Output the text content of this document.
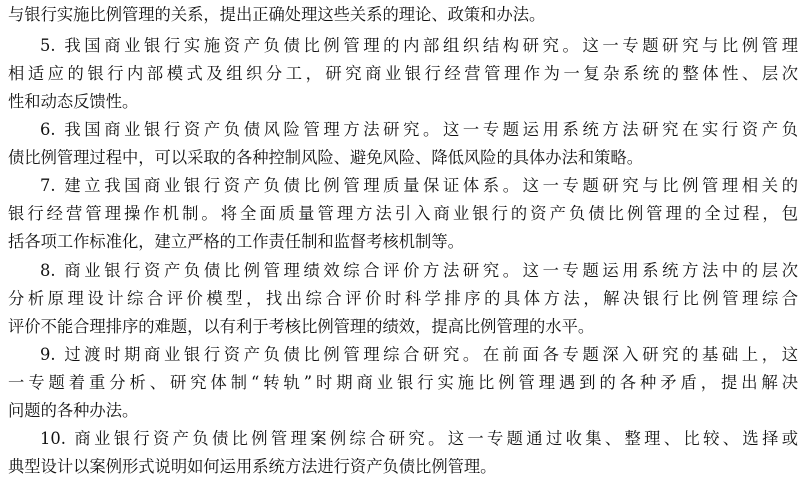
与银行实施比例管理的关系，提出正确处理这些关系的理论、政策和办法。
5. 我国商业银行实施资产负债比例管理的内部组织结构研究。这一专题研究与比例管理
相适应的银行内部模式及组织分工，研究商业银行经营管理作为一复杂系统的整体性、层次
性和动态反馈性。
6. 我国商业银行资产负债风险管理方法研究。这一专题运用系统方法研究在实行资产负
债比例管理过程中，可以采取的各种控制风险、避免风险、降低风险的具体办法和策略。
7. 建立我国商业银行资产负债比例管理质量保证体系。这一专题研究与比例管理相关的
银行经营管理操作机制。将全面质量管理方法引入商业银行的资产负债比例管理的全过程，包
括各项工作标准化，建立严格的工作责任制和监督考核机制等。
8. 商业银行资产负债比例管理绩效综合评价方法研究。这一专题运用系统方法中的层次
分析原理设计综合评价模型，找出综合评价时科学排序的具体方法，解决银行比例管理综合
评价不能合理排序的难题，以有利于考核比例管理的绩效，提高比例管理的水平。
9. 过渡时期商业银行资产负债比例管理综合研究。在前面各专题深入研究的基础上，这
一专题着重分析、研究体制“转轨”时期商业银行实施比例管理遇到的各种矛盾，提出解决
问题的各种办法。
10. 商业银行资产负债比例管理案例综合研究。这一专题通过收集、整理、比较、选择或
典型设计以案例形式说明如何运用系统方法进行资产负债比例管理。
